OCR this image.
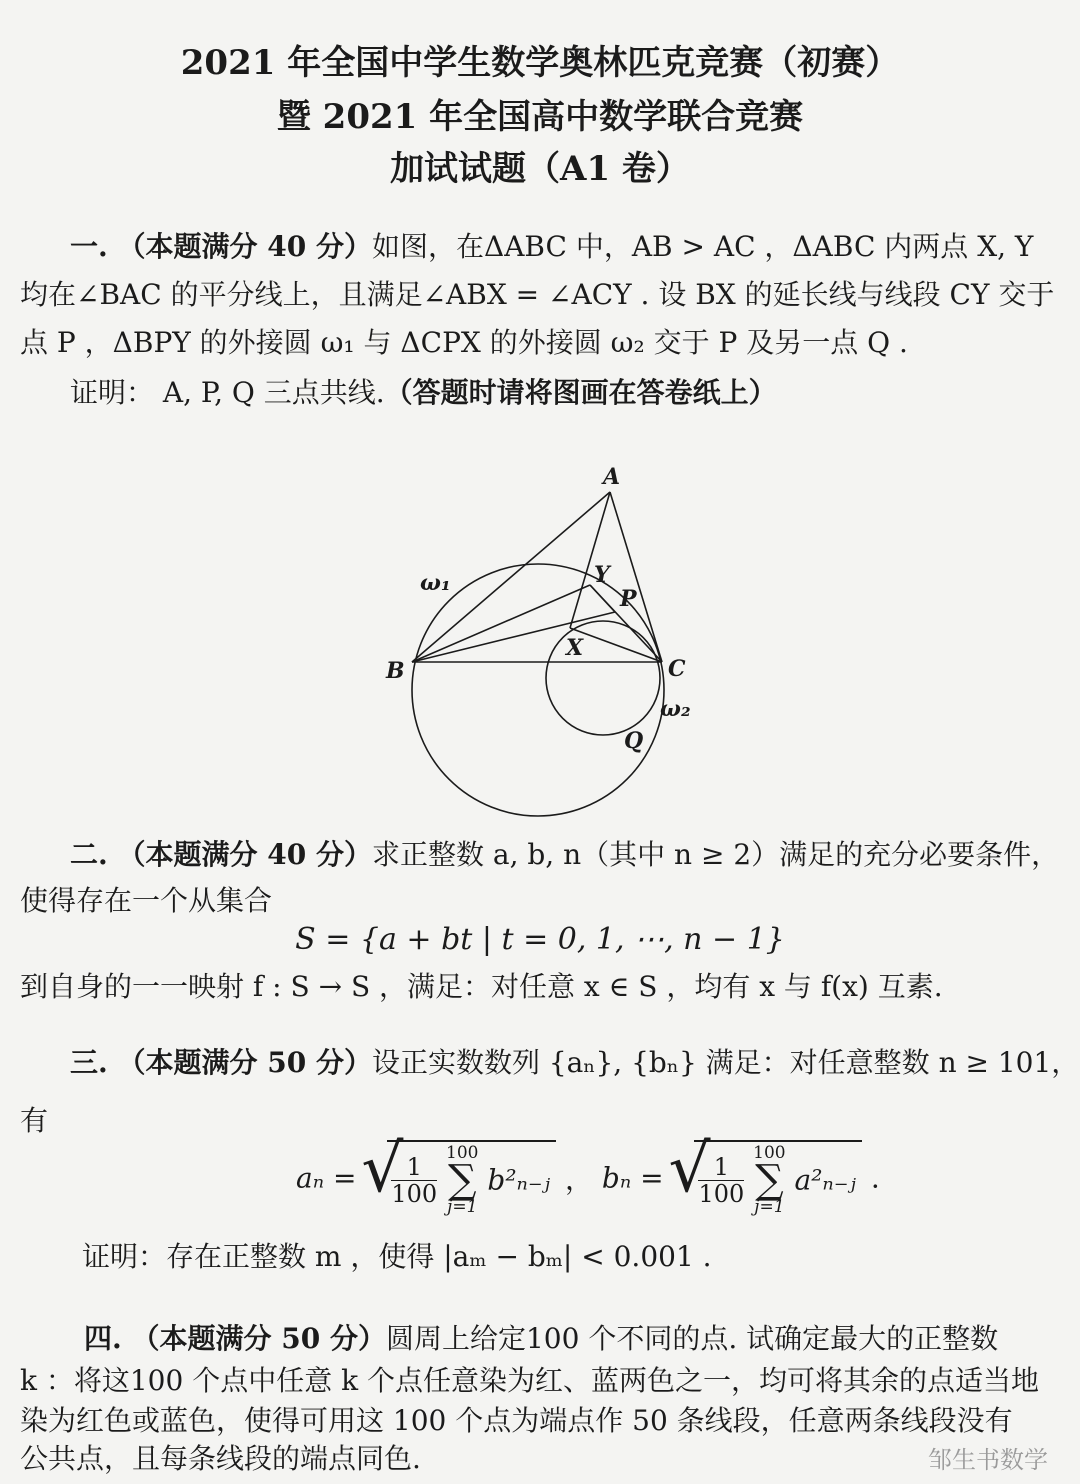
2021 年全国中学生数学奥林匹克竞赛（初赛）
暨 2021 年全国高中数学联合竞赛
加试试题（A1 卷）
一. （本题满分 40 分）如图，在ΔABC 中，AB > AC ，ΔABC 内两点 X, Y
均在∠BAC 的平分线上，且满足∠ABX = ∠ACY . 设 BX 的延长线与线段 CY 交于
点 P ，ΔBPY 的外接圆 ω₁ 与 ΔCPX 的外接圆 ω₂ 交于 P 及另一点 Q .
证明： A, P, Q 三点共线.（答题时请将图画在答卷纸上）
A
B	C
X
Y
P
Q
ω₁
ω₂
二. （本题满分 40 分）求正整数 a, b, n（其中 n ≥ 2）满足的充分必要条件，
使得存在一个从集合
S = {a + bt | t = 0, 1, ⋯, n − 1}
到自身的一一映射 f : S → S ，满足：对任意 x ∈ S ，均有 x 与 f(x) 互素.
三. （本题满分 50 分）设正实数数列 {aₙ}, {bₙ} 满足：对任意整数 n ≥ 101，
有
aₙ = √ $\frac{1}{100}$

100
∑
j=1
b²ₙ₋ⱼ ， bₙ = √ $\frac{1}{100}$

100
∑
j=1
a²ₙ₋ⱼ .
证明：存在正整数 m ，使得 |aₘ − bₘ| < 0.001 .
四. （本题满分 50 分）圆周上给定100 个不同的点. 试确定最大的正整数
k ：将这100 个点中任意 k 个点任意染为红、蓝两色之一，均可将其余的点适当地
染为红色或蓝色，使得可用这 100 个点为端点作 50 条线段，任意两条线段没有
公共点，且每条线段的端点同色.	邹生书数学
